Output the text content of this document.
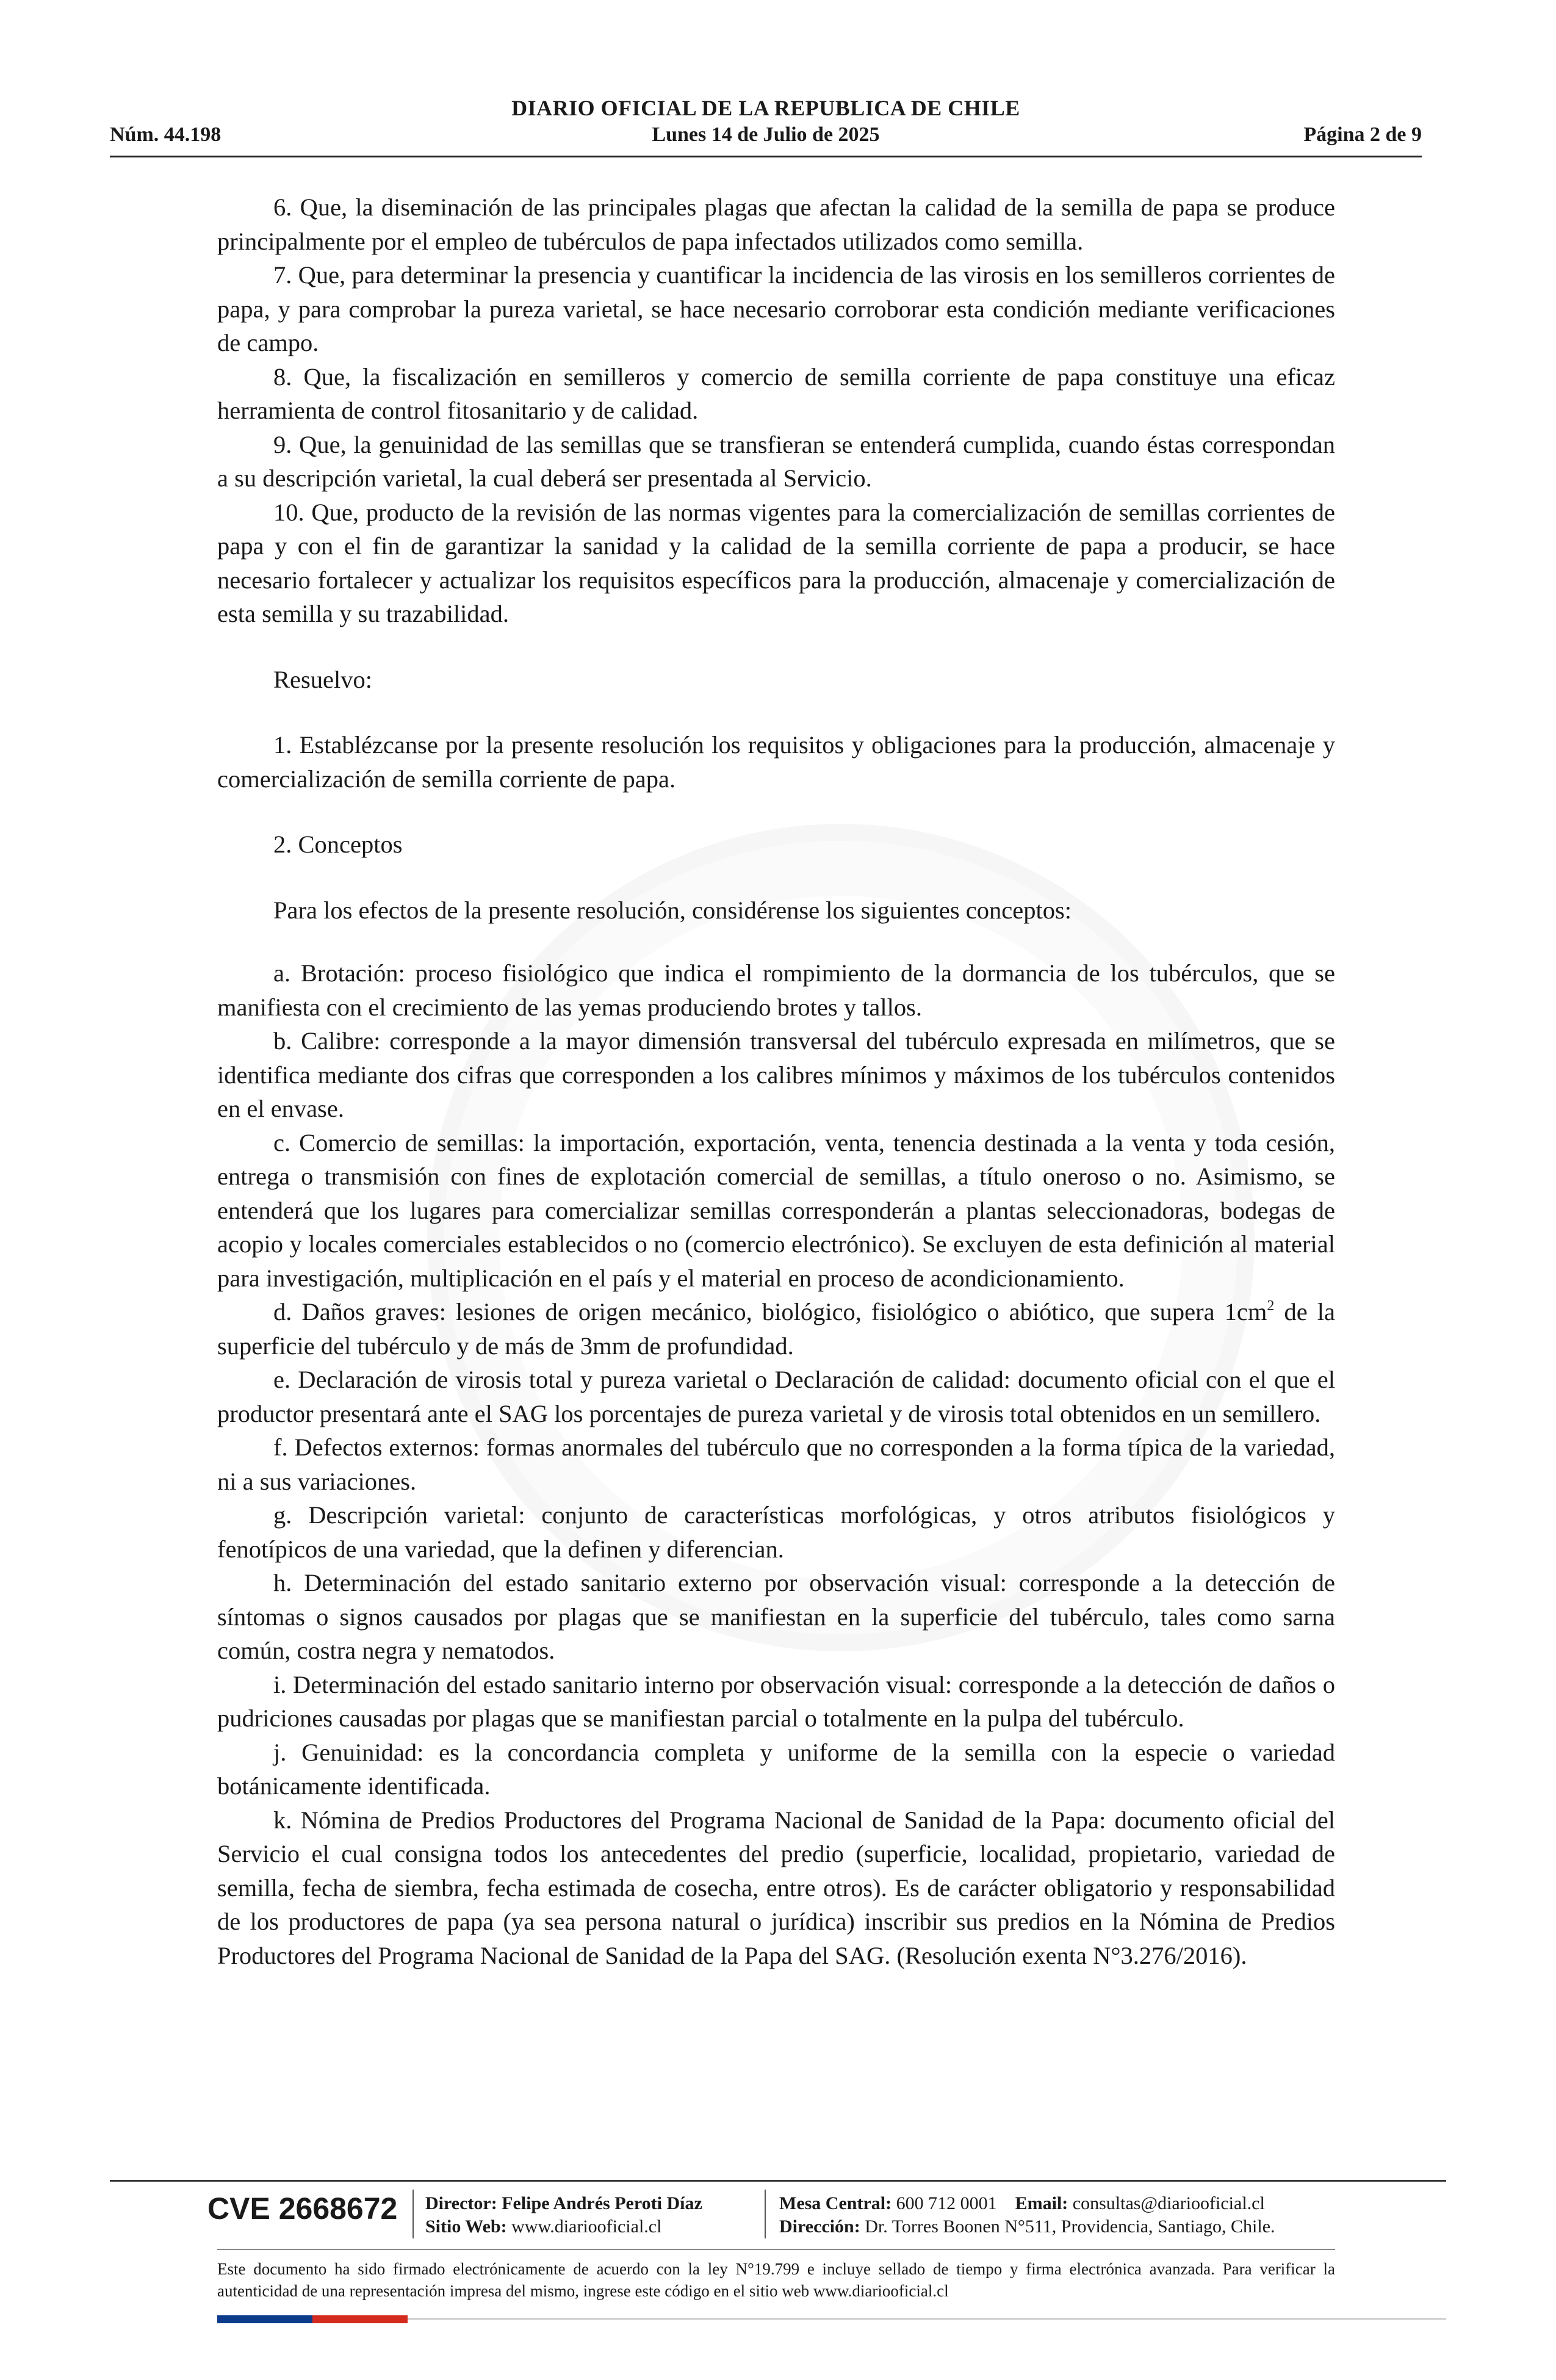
DIARIO OFICIAL DE LA REPUBLICA DE CHILE
Núm. 44.198	Lunes 14 de Julio de 2025	Página 2 de 9

6. Que, la diseminación de las principales plagas que afectan la calidad de la semilla de papa se produce principalmente por el empleo de tubérculos de papa infectados utilizados como semilla.

7. Que, para determinar la presencia y cuantificar la incidencia de las virosis en los semilleros corrientes de papa, y para comprobar la pureza varietal, se hace necesario corroborar esta condición mediante verificaciones de campo.

8. Que, la fiscalización en semilleros y comercio de semilla corriente de papa constituye una eficaz herramienta de control fitosanitario y de calidad.

9. Que, la genuinidad de las semillas que se transfieran se entenderá cumplida, cuando éstas correspondan a su descripción varietal, la cual deberá ser presentada al Servicio.

10. Que, producto de la revisión de las normas vigentes para la comercialización de semillas corrientes de papa y con el fin de garantizar la sanidad y la calidad de la semilla corriente de papa a producir, se hace necesario fortalecer y actualizar los requisitos específicos para la producción, almacenaje y comercialización de esta semilla y su trazabilidad.

Resuelvo:

1. Establézcanse por la presente resolución los requisitos y obligaciones para la producción, almacenaje y comercialización de semilla corriente de papa.

2. Conceptos

Para los efectos de la presente resolución, considérense los siguientes conceptos:

a. Brotación: proceso fisiológico que indica el rompimiento de la dormancia de los tubérculos, que se manifiesta con el crecimiento de las yemas produciendo brotes y tallos.

b. Calibre: corresponde a la mayor dimensión transversal del tubérculo expresada en milímetros, que se identifica mediante dos cifras que corresponden a los calibres mínimos y máximos de los tubérculos contenidos en el envase.

c. Comercio de semillas: la importación, exportación, venta, tenencia destinada a la venta y toda cesión, entrega o transmisión con fines de explotación comercial de semillas, a título oneroso o no. Asimismo, se entenderá que los lugares para comercializar semillas corresponderán a plantas seleccionadoras, bodegas de acopio y locales comerciales establecidos o no (comercio electrónico). Se excluyen de esta definición al material para investigación, multiplicación en el país y el material en proceso de acondicionamiento.

d. Daños graves: lesiones de origen mecánico, biológico, fisiológico o abiótico, que supera $1cm^2$ de la superficie del tubérculo y de más de 3mm de profundidad.

e. Declaración de virosis total y pureza varietal o Declaración de calidad: documento oficial con el que el productor presentará ante el SAG los porcentajes de pureza varietal y de virosis total obtenidos en un semillero.

f. Defectos externos: formas anormales del tubérculo que no corresponden a la forma típica de la variedad, ni a sus variaciones.

g. Descripción varietal: conjunto de características morfológicas, y otros atributos fisiológicos y fenotípicos de una variedad, que la definen y diferencian.

h. Determinación del estado sanitario externo por observación visual: corresponde a la detección de síntomas o signos causados por plagas que se manifiestan en la superficie del tubérculo, tales como sarna común, costra negra y nematodos.

i. Determinación del estado sanitario interno por observación visual: corresponde a la detección de daños o pudriciones causadas por plagas que se manifiestan parcial o totalmente en la pulpa del tubérculo.

j. Genuinidad: es la concordancia completa y uniforme de la semilla con la especie o variedad botánicamente identificada.

k. Nómina de Predios Productores del Programa Nacional de Sanidad de la Papa: documento oficial del Servicio el cual consigna todos los antecedentes del predio (superficie, localidad, propietario, variedad de semilla, fecha de siembra, fecha estimada de cosecha, entre otros). Es de carácter obligatorio y responsabilidad de los productores de papa (ya sea persona natural o jurídica) inscribir sus predios en la Nómina de Predios Productores del Programa Nacional de Sanidad de la Papa del SAG. (Resolución exenta N°3.276/2016).

CVE 2668672 Director: Felipe Andrés Peroti Díaz
Sitio Web: www.diariooficial.cl
Mesa Central: 600 712 0001 Email: consultas@diariooficial.cl
Dirección: Dr. Torres Boonen N°511, Providencia, Santiago, Chile.
Este documento ha sido firmado electrónicamente de acuerdo con la ley N°19.799 e incluye sellado de tiempo y firma electrónica avanzada. Para verificar la autenticidad de una representación impresa del mismo, ingrese este código en el sitio web www.diariooficial.cl
